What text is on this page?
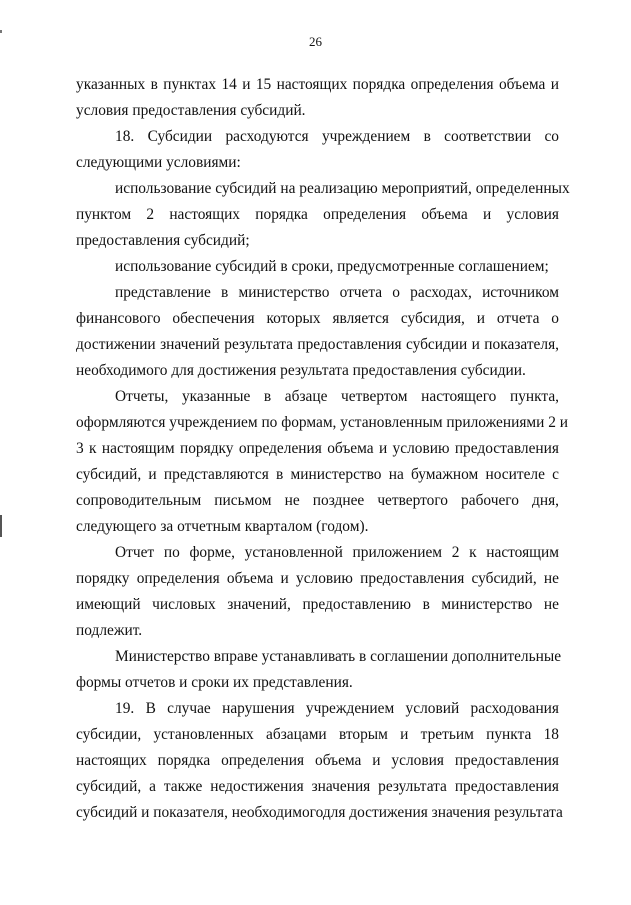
26
указанных в пунктах 14 и 15 настоящих порядка определения объема и
условия предоставления субсидий.
18. Субсидии расходуются учреждением в соответствии со
следующими условиями:
использование субсидий на реализацию мероприятий, определенных
пунктом 2 настоящих порядка определения объема и условия
предоставления субсидий;
использование субсидий в сроки, предусмотренные соглашением;
представление в министерство отчета о расходах, источником
финансового обеспечения которых является субсидия, и отчета о
достижении значений результата предоставления субсидии и показателя,
необходимого для достижения результата предоставления субсидии.
Отчеты, указанные в абзаце четвертом настоящего пункта,
оформляются учреждением по формам, установленным приложениями 2 и
3 к настоящим порядку определения объема и условию предоставления
субсидий, и представляются в министерство на бумажном носителе с
сопроводительным письмом не позднее четвертого рабочего дня,
следующего за отчетным кварталом (годом).
Отчет по форме, установленной приложением 2 к настоящим
порядку определения объема и условию предоставления субсидий, не
имеющий числовых значений, предоставлению в министерство не
подлежит.
Министерство вправе устанавливать в соглашении дополнительные
формы отчетов и сроки их представления.
19. В случае нарушения учреждением условий расходования
субсидии, установленных абзацами вторым и третьим пункта 18
настоящих порядка определения объема и условия предоставления
субсидий, а также недостижения значения результата предоставления
субсидий и показателя, необходимогодля достижения значения результата
